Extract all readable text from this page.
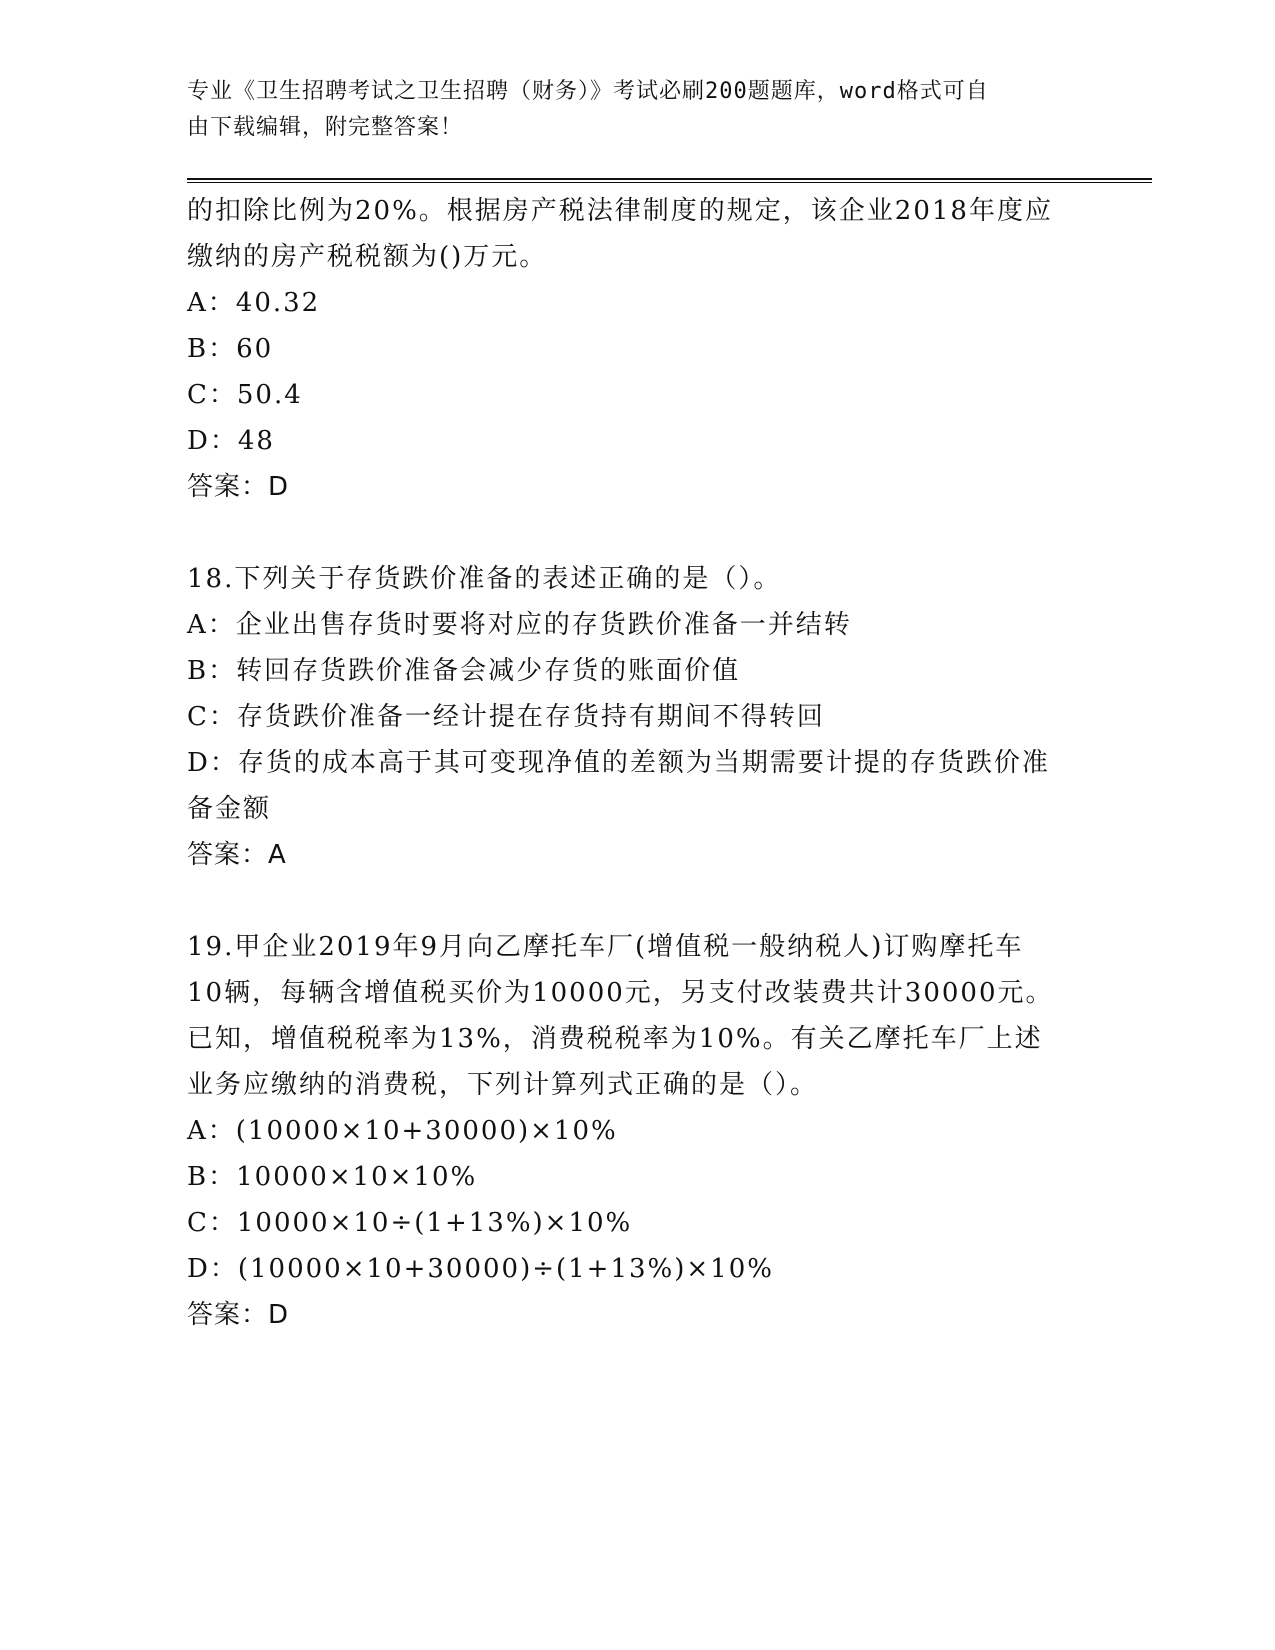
专业《卫生招聘考试之卫生招聘（财务）》考试必刷200题题库，word格式可自
由下载编辑，附完整答案！
的扣除比例为20%。根据房产税法律制度的规定，该企业2018年度应
缴纳的房产税税额为()万元。
A：40.32
B：60
C：50.4
D：48
答案：D
18.下列关于存货跌价准备的表述正确的是（）。
A：企业出售存货时要将对应的存货跌价准备一并结转
B：转回存货跌价准备会减少存货的账面价值
C：存货跌价准备一经计提在存货持有期间不得转回
D：存货的成本高于其可变现净值的差额为当期需要计提的存货跌价准
备金额
答案：A
19.甲企业2019年9月向乙摩托车厂(增值税一般纳税人)订购摩托车
10辆，每辆含增值税买价为10000元，另支付改装费共计30000元。
已知，增值税税率为13%，消费税税率为10%。有关乙摩托车厂上述
业务应缴纳的消费税，下列计算列式正确的是（）。
A：(10000×10+30000)×10%
B：10000×10×10%
C：10000×10÷(1+13%)×10%
D：(10000×10+30000)÷(1+13%)×10%
答案：D
